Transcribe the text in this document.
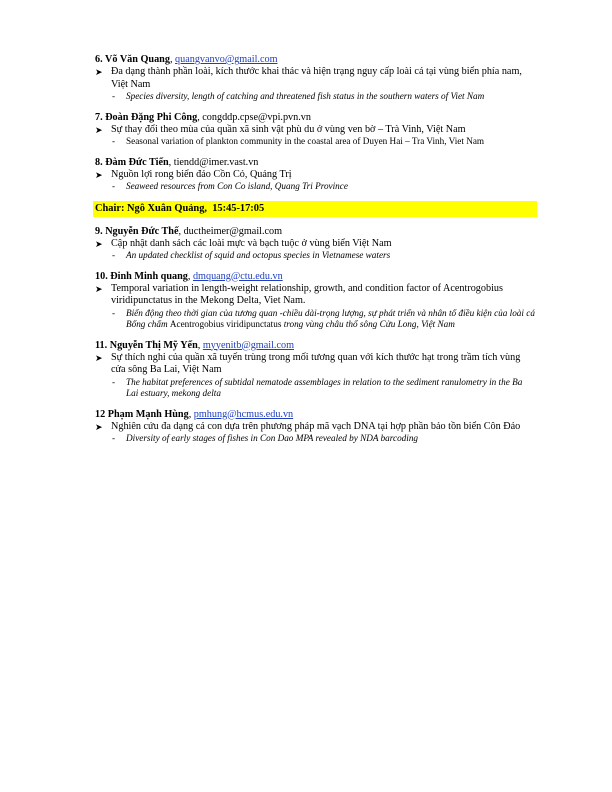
6. Võ Văn Quang, quangvanvo@gmail.com
➤ Đa dạng thành phần loài, kích thước khai thác và hiện trạng nguy cấp loài cá tại vùng biển phía nam, Việt Nam
- Species diversity, length of catching and threatened fish status in the southern waters of Viet Nam
7. Đoàn Đặng Phi Công, congddp.cpse@vpi.pvn.vn
➤ Sự thay đổi theo mùa của quần xã sinh vật phù du ở vùng ven bờ – Trà Vinh, Việt Nam
- Seasonal variation of plankton community in the coastal area of Duyen Hai – Tra Vinh, Viet Nam
8. Đàm Đức Tiến, tiendd@imer.vast.vn
➤ Nguồn lợi rong biển đảo Cồn Cỏ, Quảng Trị
- Seaweed resources from Con Co island, Quang Tri Province
Chair: Ngô Xuân Quảng, 15:45-17:05
9. Nguyễn Đức Thế, ductheimer@gmail.com
➤ Cập nhật danh sách các loài mực và bạch tuộc ở vùng biển Việt Nam
- An updated checklist of squid and octopus species in Vietnamese waters
10. Đinh Minh quang, dmquang@ctu.edu.vn
➤ Temporal variation in length-weight relationship, growth, and condition factor of Acentrogobius viridipunctatus in the Mekong Delta, Viet Nam.
- Biến động theo thời gian của tương quan -chiều dài-trọng lượng, sự phát triển và nhân tố điều kiện của loài cá Bống chấm Acentrogobius viridipunctatus trong vùng châu thổ sông Cửu Long, Việt Nam
11. Nguyễn Thị Mỹ Yến, myyenitb@gmail.com
➤ Sự thích nghi của quần xã tuyến trùng trong mối tương quan với kích thước hạt trong trầm tích vùng cửa sông Ba Lai, Việt Nam
- The habitat preferences of subtidal nematode assemblages in relation to the sediment ranulometry in the Ba Lai estuary, mekong delta
12 Phạm Mạnh Hùng, pmhung@hcmus.edu.vn
➤ Nghiên cứu đa dạng cá con dựa trên phương pháp mã vạch DNA tại hợp phần bảo tồn biển Côn Đảo
- Diversity of early stages of fishes in Con Dao MPA revealed by NDA barcoding
